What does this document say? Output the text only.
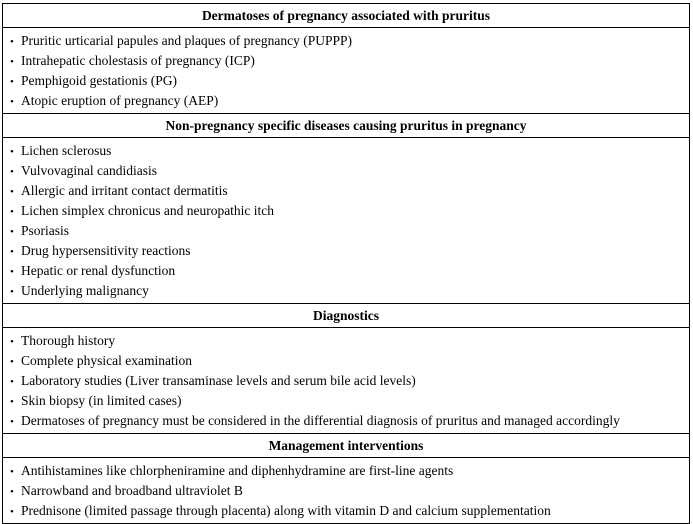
Dermatoses of pregnancy associated with pruritus
• Pruritic urticarial papules and plaques of pregnancy (PUPPP)
• Intrahepatic cholestasis of pregnancy (ICP)
• Pemphigoid gestationis (PG)
• Atopic eruption of pregnancy (AEP)
Non-pregnancy specific diseases causing pruritus in pregnancy
• Lichen sclerosus
• Vulvovaginal candidiasis
• Allergic and irritant contact dermatitis
• Lichen simplex chronicus and neuropathic itch
• Psoriasis
• Drug hypersensitivity reactions
• Hepatic or renal dysfunction
• Underlying malignancy
Diagnostics
• Thorough history
• Complete physical examination
• Laboratory studies (Liver transaminase levels and serum bile acid levels)
• Skin biopsy (in limited cases)
• Dermatoses of pregnancy must be considered in the differential diagnosis of pruritus and managed accordingly
Management interventions
• Antihistamines like chlorpheniramine and diphenhydramine are first-line agents
• Narrowband and broadband ultraviolet B
• Prednisone (limited passage through placenta) along with vitamin D and calcium supplementation
